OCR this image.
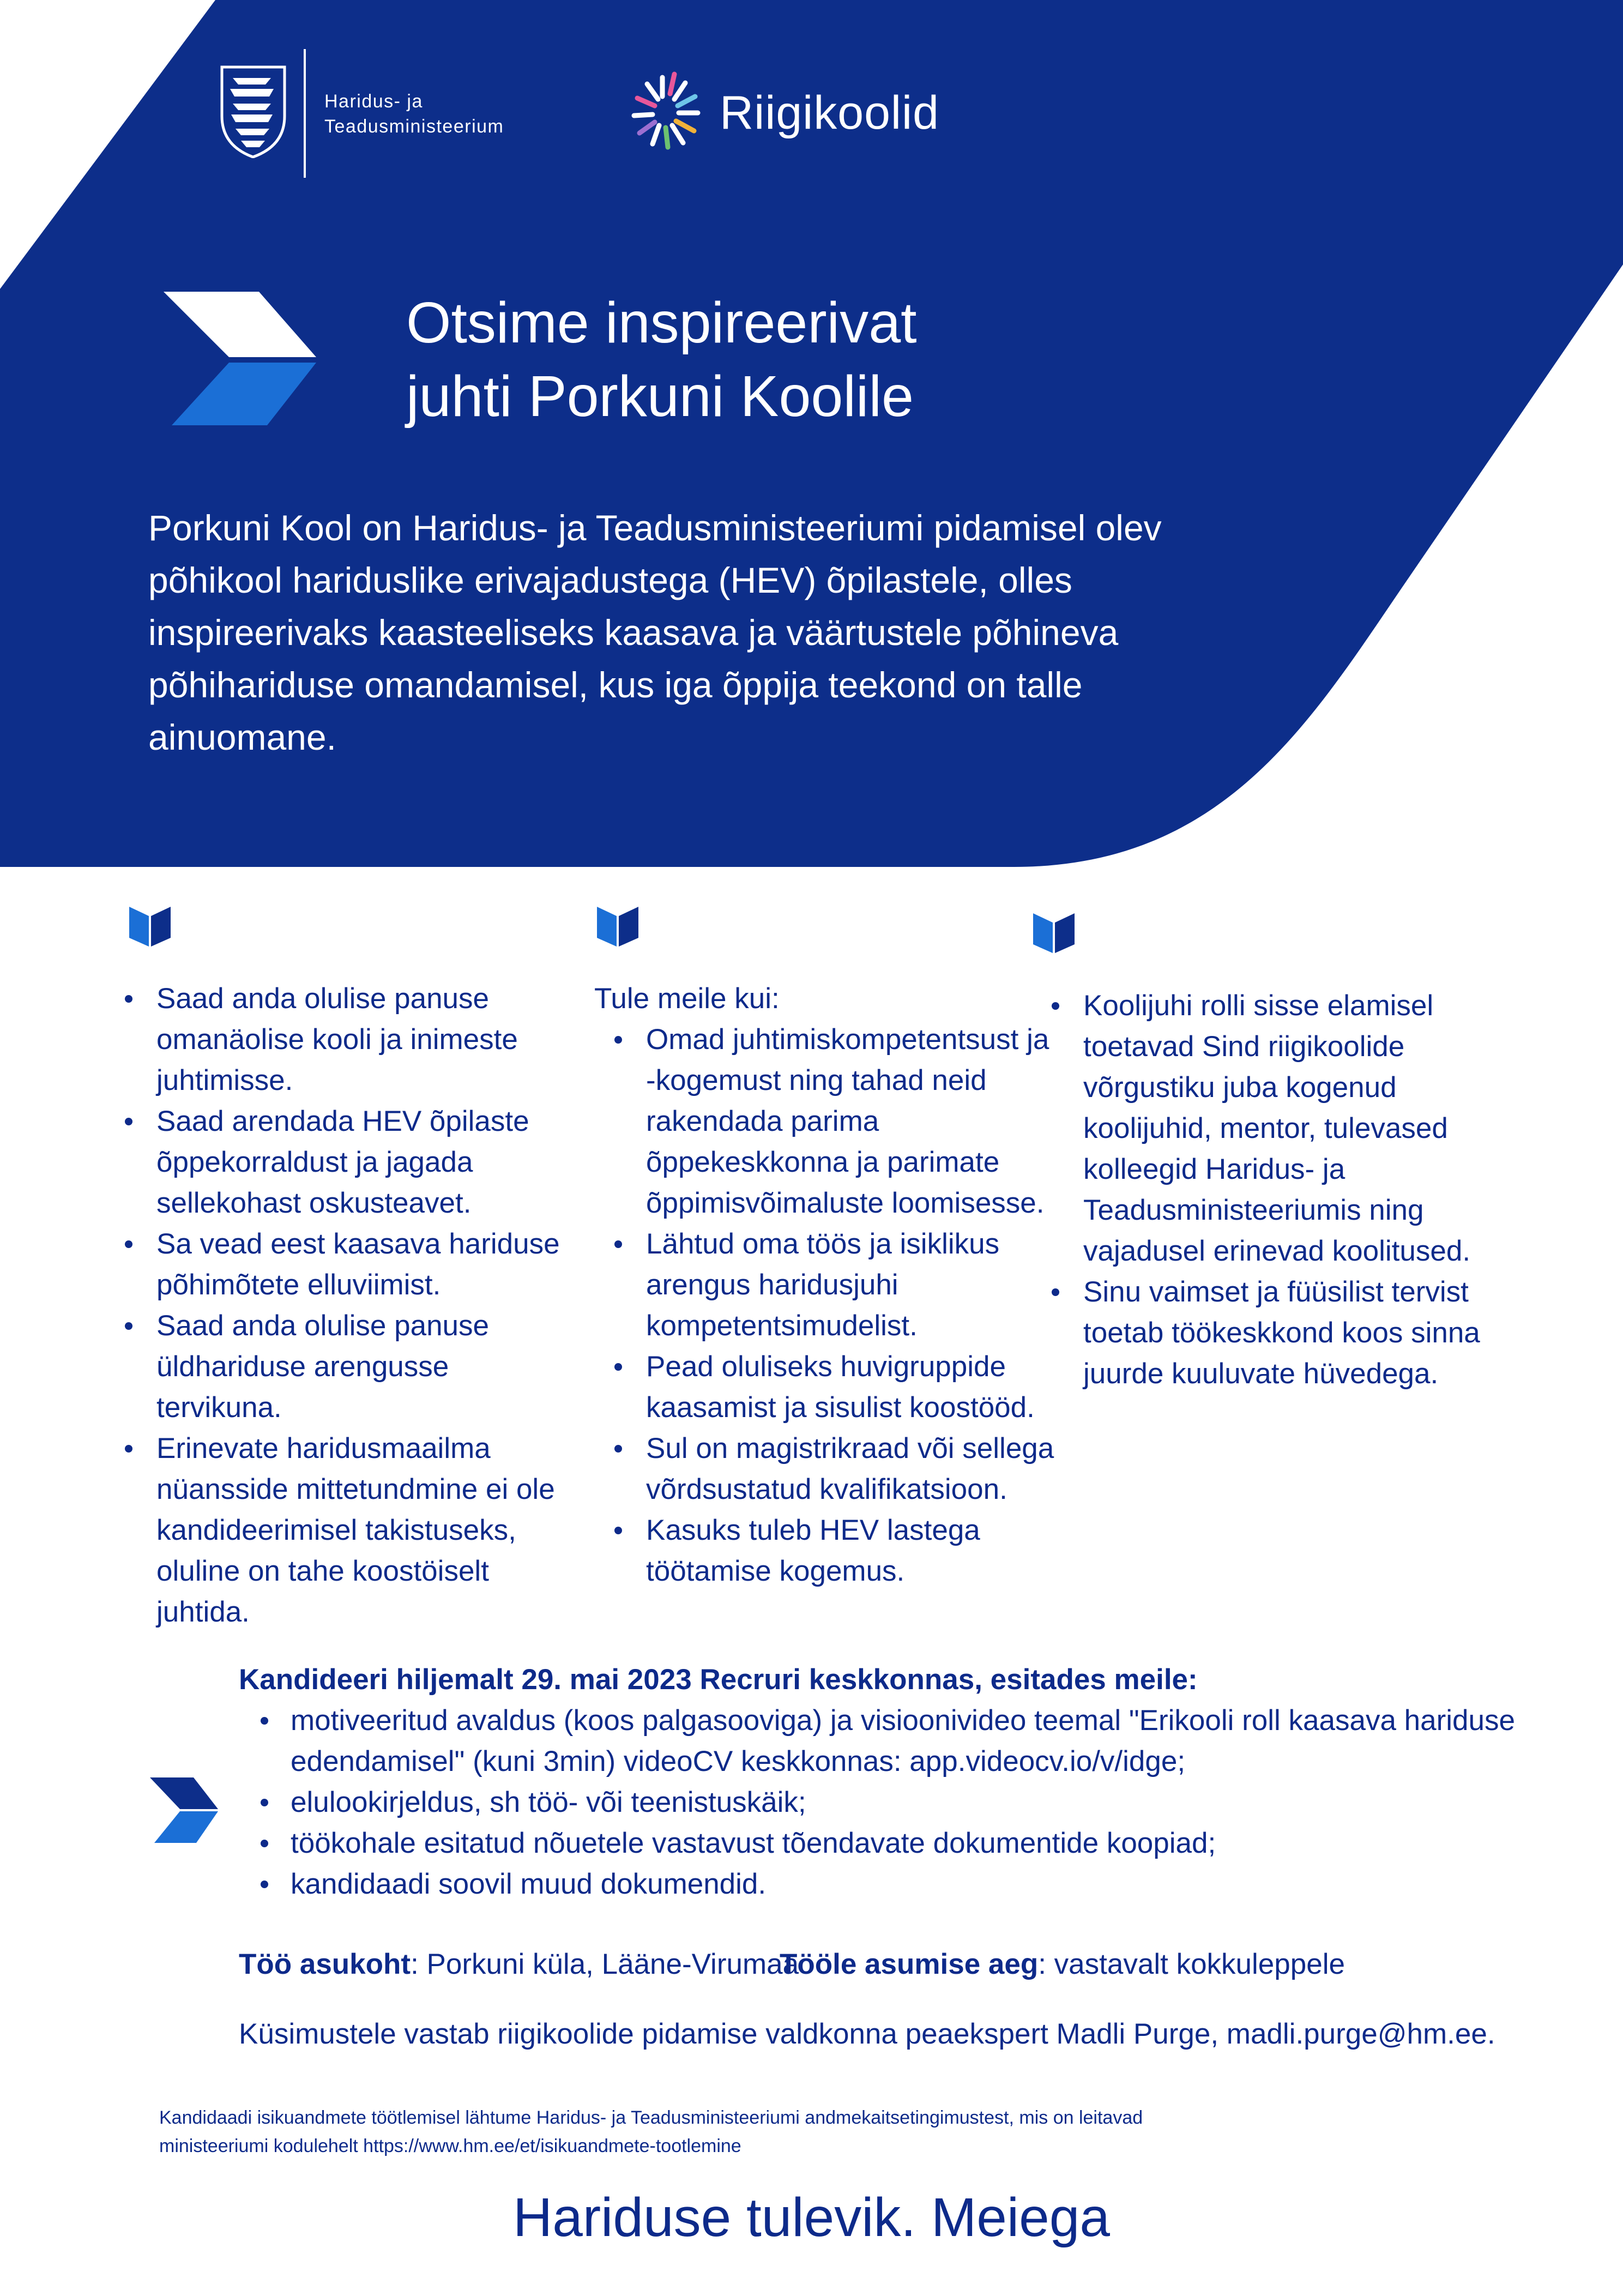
Haridus- ja
Teadusministeerium	Riigikoolid
Otsime inspireerivat
juhti Porkuni Koolile
Porkuni Kool on Haridus- ja Teadusministeeriumi pidamisel olev
põhikool hariduslike erivajadustega (HEV) õpilastele, olles
inspireerivaks kaasteeliseks kaasava ja väärtustele põhineva
põhihariduse omandamisel, kus iga õppija teekond on talle
ainuomane.
Saad anda olulise panuse
omanäolise kooli ja inimeste
juhtimisse.
Saad arendada HEV õpilaste
õppekorraldust ja jagada
sellekohast oskusteavet.
Sa vead eest kaasava hariduse
põhimõtete elluviimist.
Saad anda olulise panuse
üldhariduse arengusse
tervikuna.
Erinevate haridusmaailma
nüansside mittetundmine ei ole
kandideerimisel takistuseks,
oluline on tahe koostöiselt
juhtida.
Tule meile kui:
Omad juhtimiskompetentsust ja
-kogemust ning tahad neid
rakendada parima
õppekeskkonna ja parimate
õppimisvõimaluste loomisesse.
Lähtud oma töös ja isiklikus
arengus haridusjuhi
kompetentsimudelist.
Pead oluliseks huvigruppide
kaasamist ja sisulist koostööd.
Sul on magistrikraad või sellega
võrdsustatud kvalifikatsioon.
Kasuks tuleb HEV lastega
töötamise kogemus.
Koolijuhi rolli sisse elamisel
toetavad Sind riigikoolide
võrgustiku juba kogenud
koolijuhid, mentor, tulevased
kolleegid Haridus- ja
Teadusministeeriumis ning
vajadusel erinevad koolitused.
Sinu vaimset ja füüsilist tervist
toetab töökeskkond koos sinna
juurde kuuluvate hüvedega.
Kandideeri hiljemalt 29. mai 2023 Recruri keskkonnas, esitades meile:
motiveeritud avaldus (koos palgasooviga) ja visioonivideo teemal "Erikooli roll kaasava hariduse
edendamisel" (kuni 3min) videoCV keskkonnas: app.videocv.io/v/idge;
elulookirjeldus, sh töö- või teenistuskäik;
töökohale esitatud nõuetele vastavust tõendavate dokumentide koopiad;
kandidaadi soovil muud dokumendid.
Töö asukoht: Porkuni küla, Lääne-Virumaa
Tööle asumise aeg: vastavalt kokkuleppele
Küsimustele vastab riigikoolide pidamise valdkonna peaekspert Madli Purge, madli.purge@hm.ee.
Kandidaadi isikuandmete töötlemisel lähtume Haridus- ja Teadusministeeriumi andmekaitsetingimustest, mis on leitavad
ministeeriumi kodulehelt https://www.hm.ee/et/isikuandmete-tootlemine
Hariduse tulevik. Meiega
